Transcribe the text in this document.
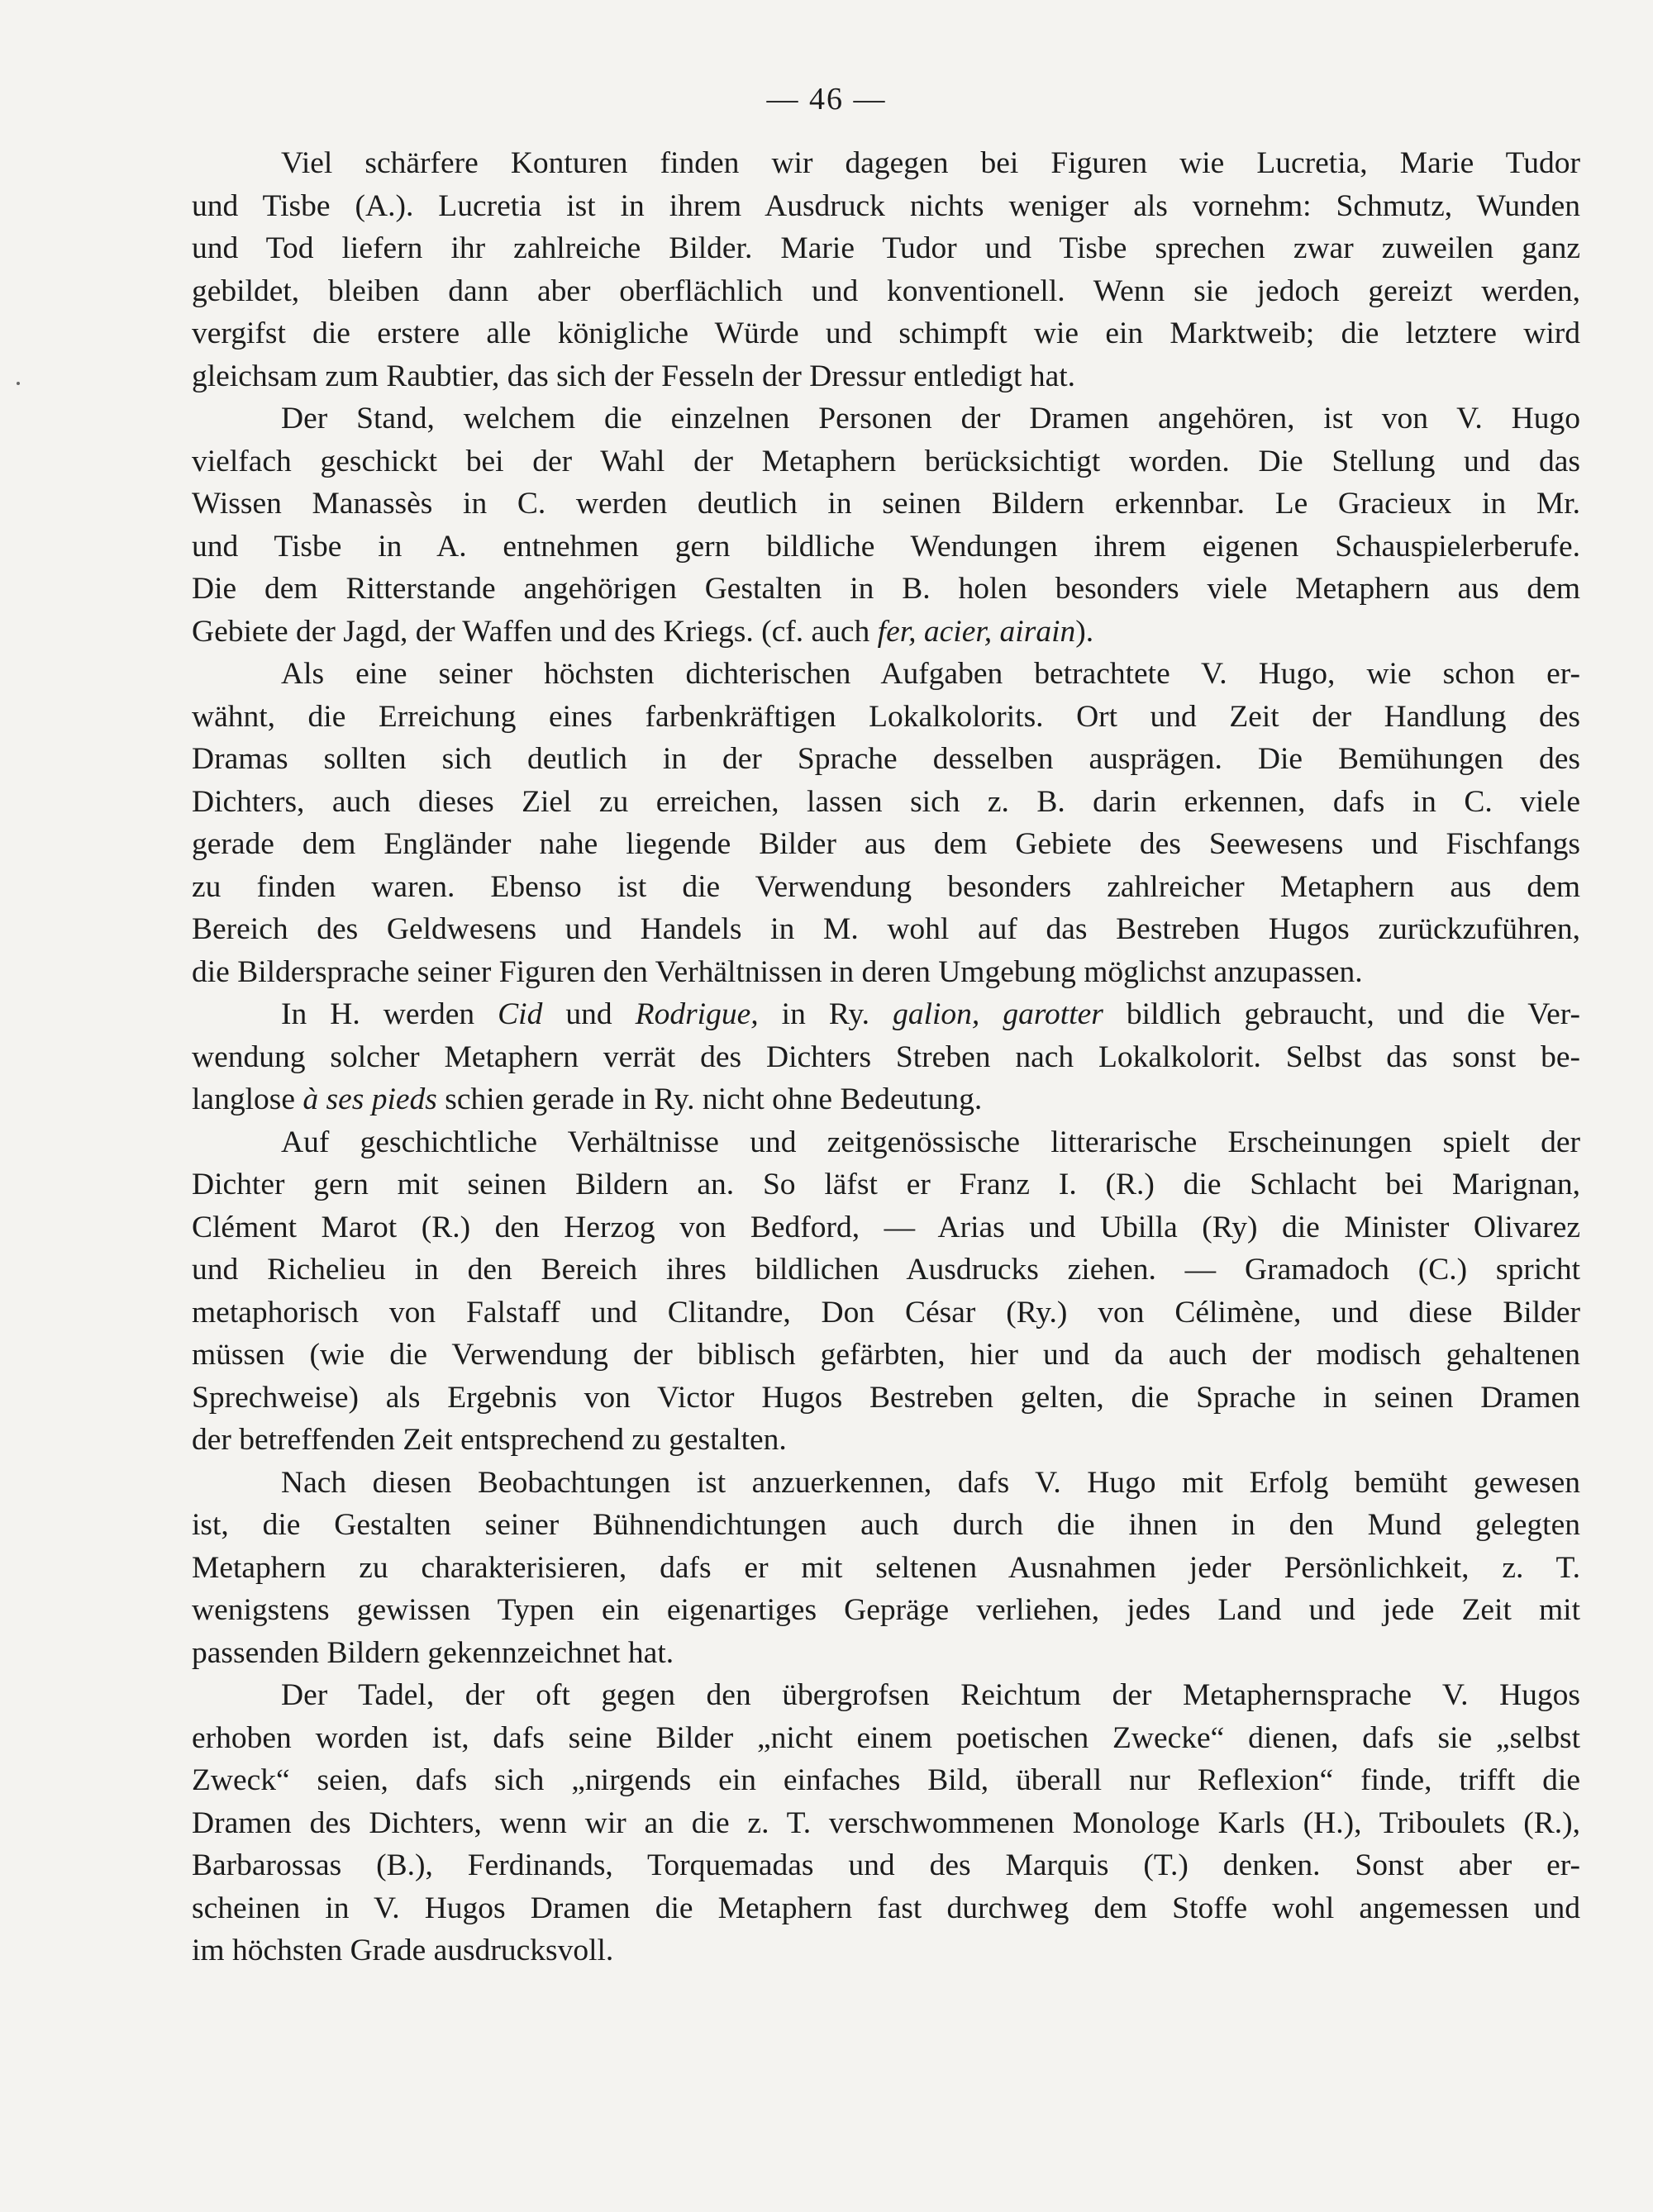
— 46 —
Viel schärfere Konturen finden wir dagegen bei Figuren wie Lucretia, Marie Tudor
und Tisbe (A.). Lucretia ist in ihrem Ausdruck nichts weniger als vornehm: Schmutz, Wunden
und Tod liefern ihr zahlreiche Bilder. Marie Tudor und Tisbe sprechen zwar zuweilen ganz
gebildet, bleiben dann aber oberflächlich und konventionell. Wenn sie jedoch gereizt werden,
vergifst die erstere alle königliche Würde und schimpft wie ein Marktweib; die letztere wird
gleichsam zum Raubtier, das sich der Fesseln der Dressur entledigt hat.
Der Stand, welchem die einzelnen Personen der Dramen angehören, ist von V. Hugo
vielfach geschickt bei der Wahl der Metaphern berücksichtigt worden. Die Stellung und das
Wissen Manassès in C. werden deutlich in seinen Bildern erkennbar. Le Gracieux in Mr.
und Tisbe in A. entnehmen gern bildliche Wendungen ihrem eigenen Schauspielerberufe.
Die dem Ritterstande angehörigen Gestalten in B. holen besonders viele Metaphern aus dem
Gebiete der Jagd, der Waffen und des Kriegs. (cf. auch fer, acier, airain).
Als eine seiner höchsten dichterischen Aufgaben betrachtete V. Hugo, wie schon er-
wähnt, die Erreichung eines farbenkräftigen Lokalkolorits. Ort und Zeit der Handlung des
Dramas sollten sich deutlich in der Sprache desselben ausprägen. Die Bemühungen des
Dichters, auch dieses Ziel zu erreichen, lassen sich z. B. darin erkennen, dafs in C. viele
gerade dem Engländer nahe liegende Bilder aus dem Gebiete des Seewesens und Fischfangs
zu finden waren. Ebenso ist die Verwendung besonders zahlreicher Metaphern aus dem
Bereich des Geldwesens und Handels in M. wohl auf das Bestreben Hugos zurückzuführen,
die Bildersprache seiner Figuren den Verhältnissen in deren Umgebung möglichst anzupassen.
In H. werden Cid und Rodrigue, in Ry. galion, garotter bildlich gebraucht, und die Ver-
wendung solcher Metaphern verrät des Dichters Streben nach Lokalkolorit. Selbst das sonst be-
langlose à ses pieds schien gerade in Ry. nicht ohne Bedeutung.
Auf geschichtliche Verhältnisse und zeitgenössische litterarische Erscheinungen spielt der
Dichter gern mit seinen Bildern an. So läfst er Franz I. (R.) die Schlacht bei Marignan,
Clément Marot (R.) den Herzog von Bedford, — Arias und Ubilla (Ry) die Minister Olivarez
und Richelieu in den Bereich ihres bildlichen Ausdrucks ziehen. — Gramadoch (C.) spricht
metaphorisch von Falstaff und Clitandre, Don César (Ry.) von Célimène, und diese Bilder
müssen (wie die Verwendung der biblisch gefärbten, hier und da auch der modisch gehaltenen
Sprechweise) als Ergebnis von Victor Hugos Bestreben gelten, die Sprache in seinen Dramen
der betreffenden Zeit entsprechend zu gestalten.
Nach diesen Beobachtungen ist anzuerkennen, dafs V. Hugo mit Erfolg bemüht gewesen
ist, die Gestalten seiner Bühnendichtungen auch durch die ihnen in den Mund gelegten
Metaphern zu charakterisieren, dafs er mit seltenen Ausnahmen jeder Persönlichkeit, z. T.
wenigstens gewissen Typen ein eigenartiges Gepräge verliehen, jedes Land und jede Zeit mit
passenden Bildern gekennzeichnet hat.
Der Tadel, der oft gegen den übergrofsen Reichtum der Metaphernsprache V. Hugos
erhoben worden ist, dafs seine Bilder „nicht einem poetischen Zwecke“ dienen, dafs sie „selbst
Zweck“ seien, dafs sich „nirgends ein einfaches Bild, überall nur Reflexion“ finde, trifft die
Dramen des Dichters, wenn wir an die z. T. verschwommenen Monologe Karls (H.), Triboulets (R.),
Barbarossas (B.), Ferdinands, Torquemadas und des Marquis (T.) denken. Sonst aber er-
scheinen in V. Hugos Dramen die Metaphern fast durchweg dem Stoffe wohl angemessen und
im höchsten Grade ausdrucksvoll.
